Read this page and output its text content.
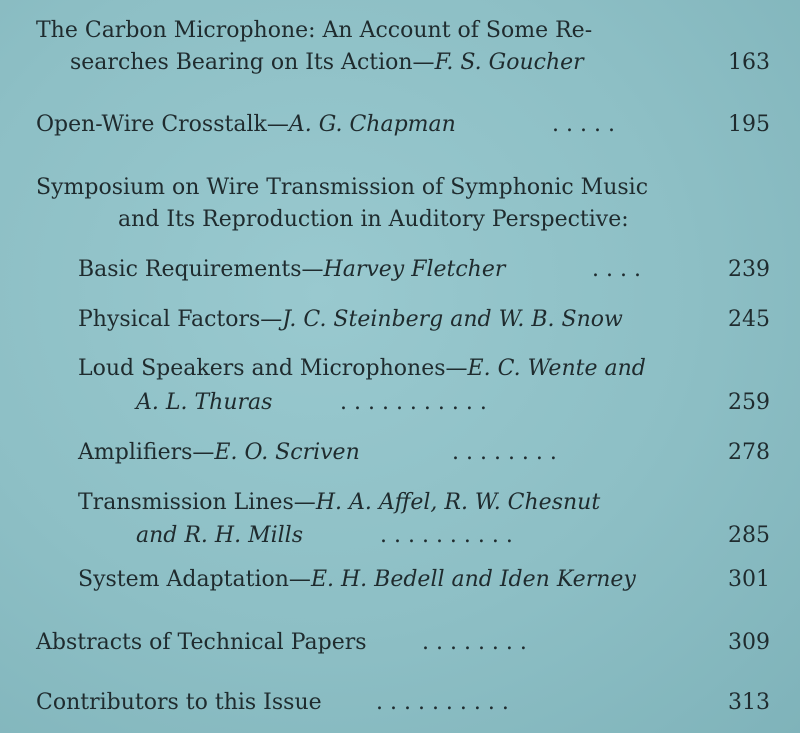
The Carbon Microphone: An Account of Some Re-
searches Bearing on Its Action—F. S. Goucher	163
Open-Wire Crosstalk—A. G. Chapman	. . . . .	195
Symposium on Wire Transmission of Symphonic Music
and Its Reproduction in Auditory Perspective:
Basic Requirements—Harvey Fletcher	. . . .	239
Physical Factors—J. C. Steinberg and W. B. Snow	245
Loud Speakers and Microphones—E. C. Wente and
A. L. Thuras	. . . . . . . . . . .	259
Amplifiers—E. O. Scriven	. . . . . . . .	278
Transmission Lines—H. A. Affel, R. W. Chesnut
and R. H. Mills	. . . . . . . . . .	285
System Adaptation—E. H. Bedell and Iden Kerney	301
Abstracts of Technical Papers	. . . . . . . .	309
Contributors to this Issue . . . . . . . . . .	313
